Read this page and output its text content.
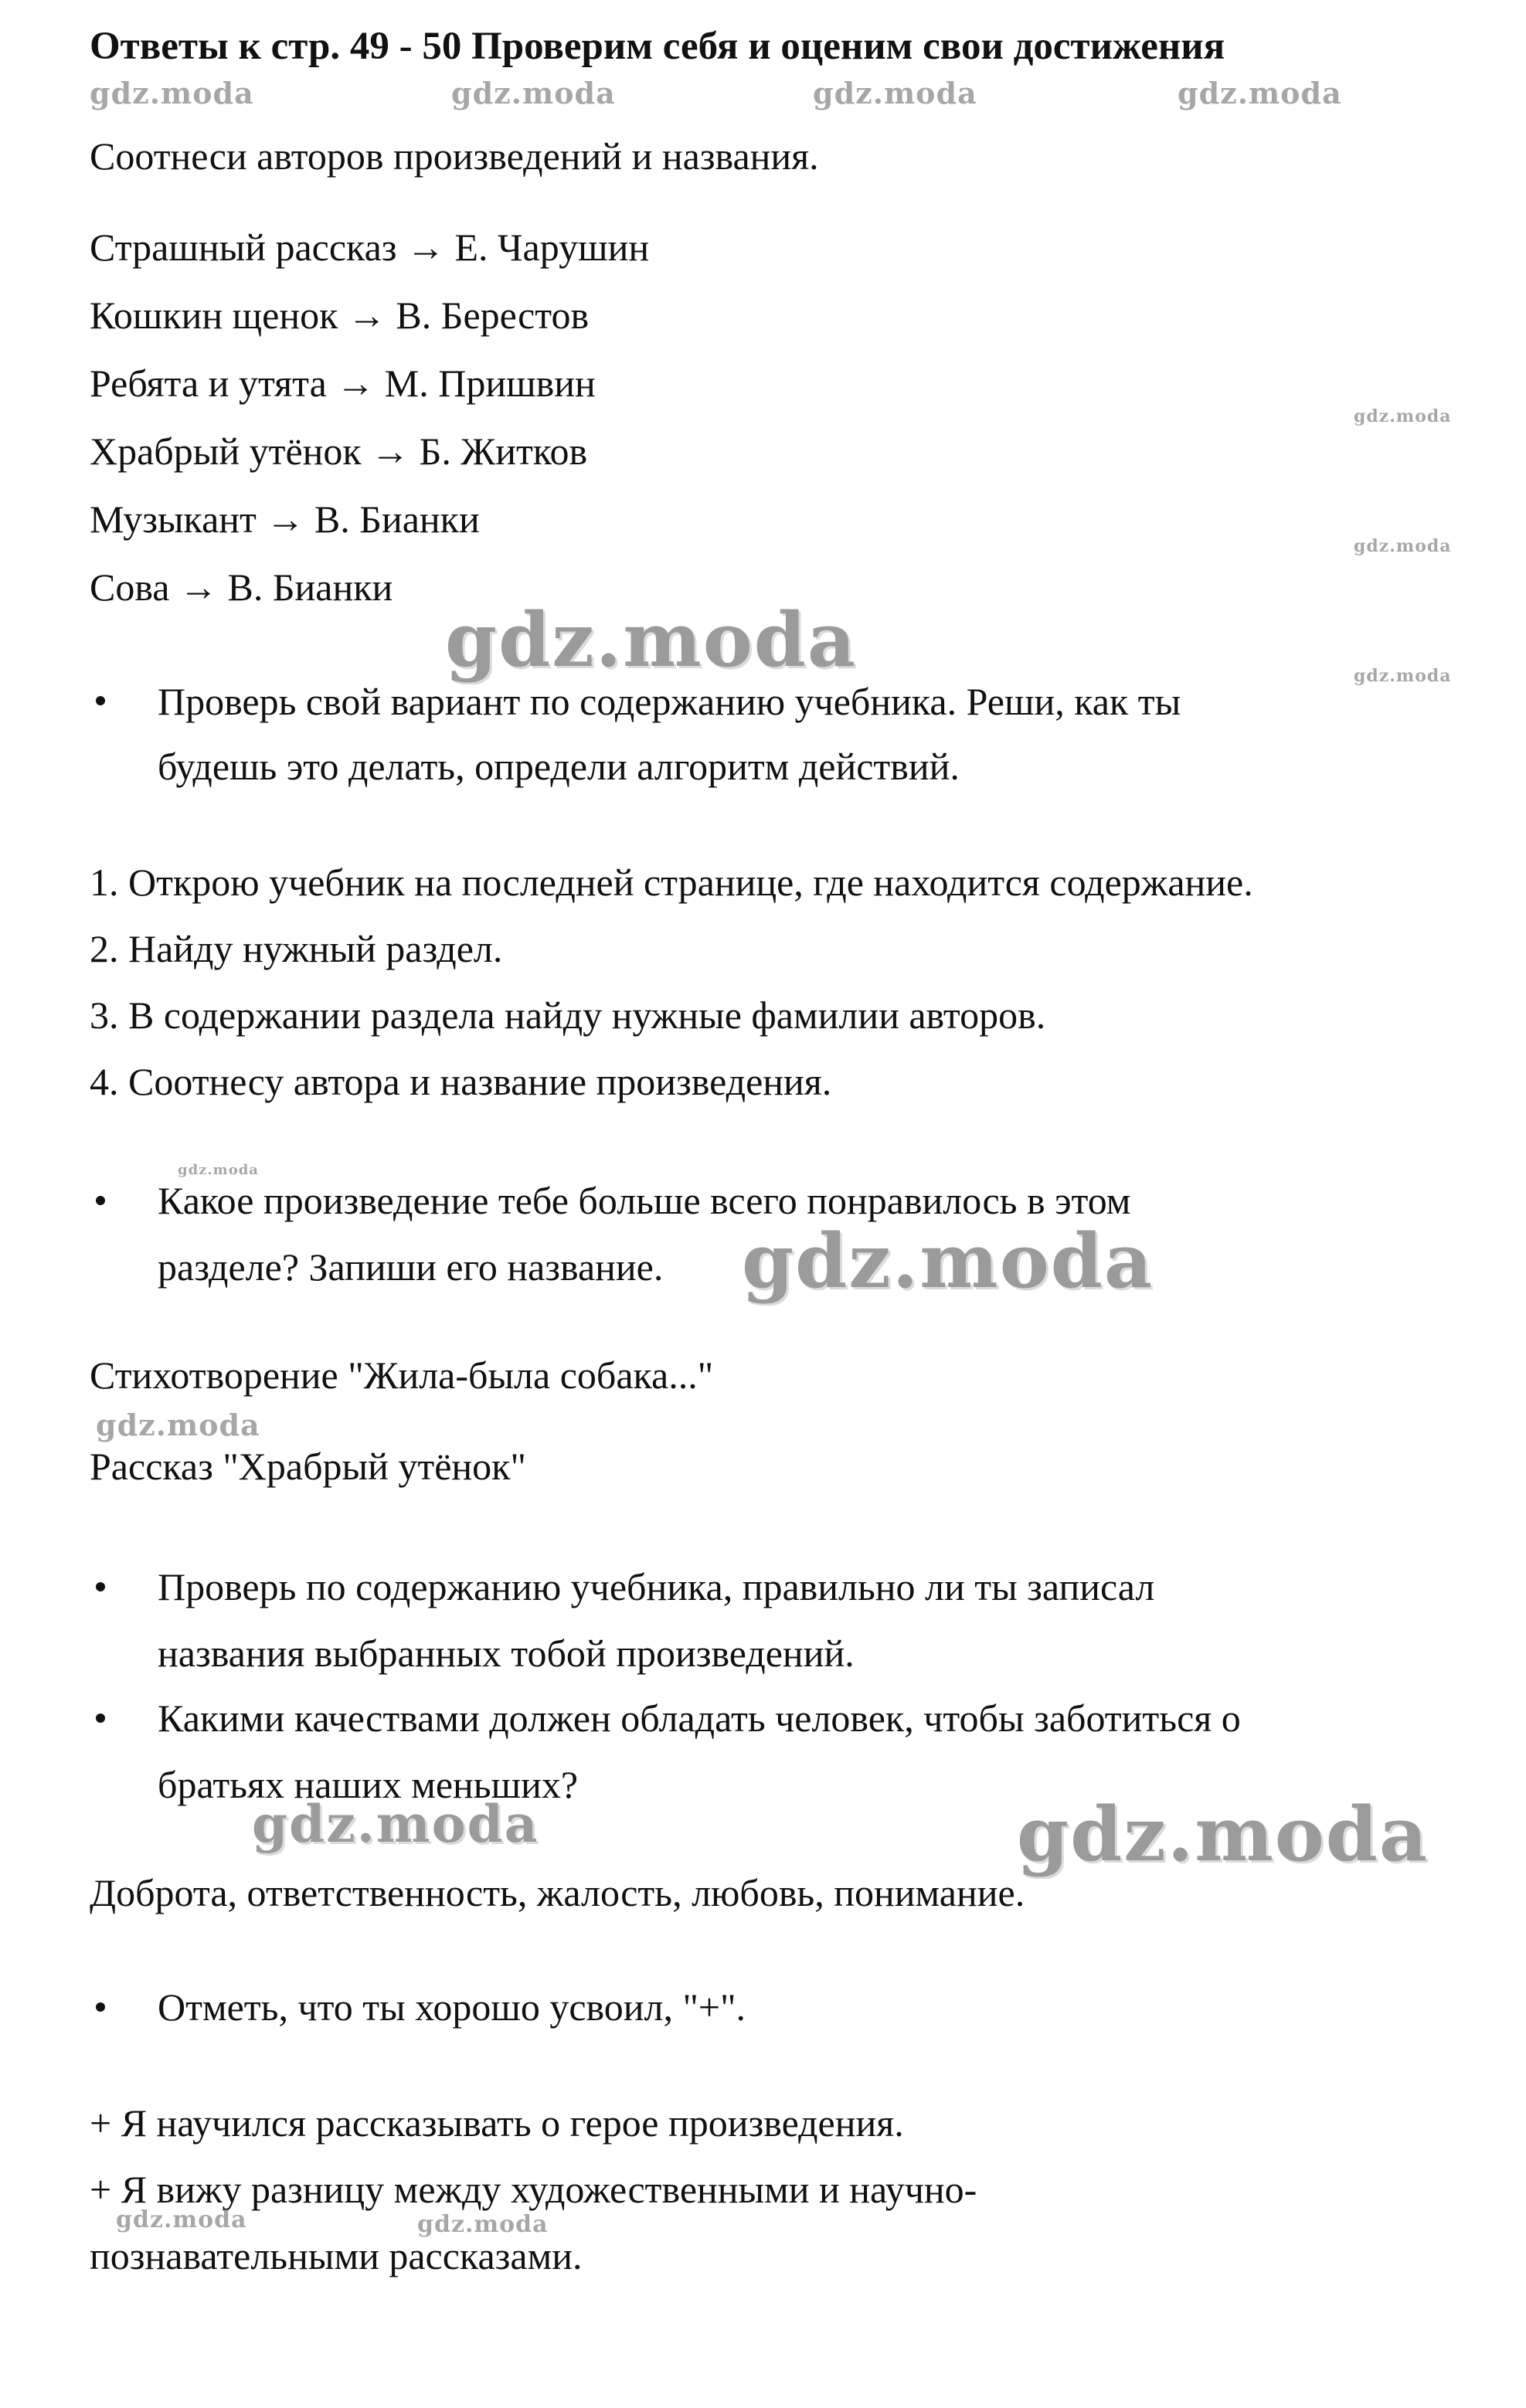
Ответы к стр. 49 - 50 Проверим себя и оценим свои достижения
gdz.moda	gdz.moda	gdz.moda	gdz.moda
Соотнеси авторов произведений и названия.
Страшный рассказ → Е. Чарушин
Кошкин щенок → В. Берестов
Ребята и утята → М. Пришвин
Храбрый утёнок → Б. Житков
Музыкант → В. Бианки
Сова → В. Бианки
gdz.moda
gdz.moda
gdz.moda
gdz.moda
Проверь свой вариант по содержанию учебника. Реши, как ты
будешь это делать, определи алгоритм действий.
1. Открою учебник на последней странице, где находится содержание.
2. Найду нужный раздел.
3. В содержании раздела найду нужные фамилии авторов.
4. Соотнесу автора и название произведения.
gdz.moda
Какое произведение тебе больше всего понравилось в этом
разделе? Запиши его название. gdz.moda
Стихотворение "Жила-была собака..."
gdz.moda
Рассказ "Храбрый утёнок"
Проверь по содержанию учебника, правильно ли ты записал
названия выбранных тобой произведений.
Какими качествами должен обладать человек, чтобы заботиться о
братьях наших меньших?
gdz.moda	gdz.moda
Доброта, ответственность, жалость, любовь, понимание.
Отметь, что ты хорошо усвоил, "+".
+ Я научился рассказывать о герое произведения.
+ Я вижу разницу между художественными и научно-
gdz.moda	gdz.moda
познавательными рассказами.
